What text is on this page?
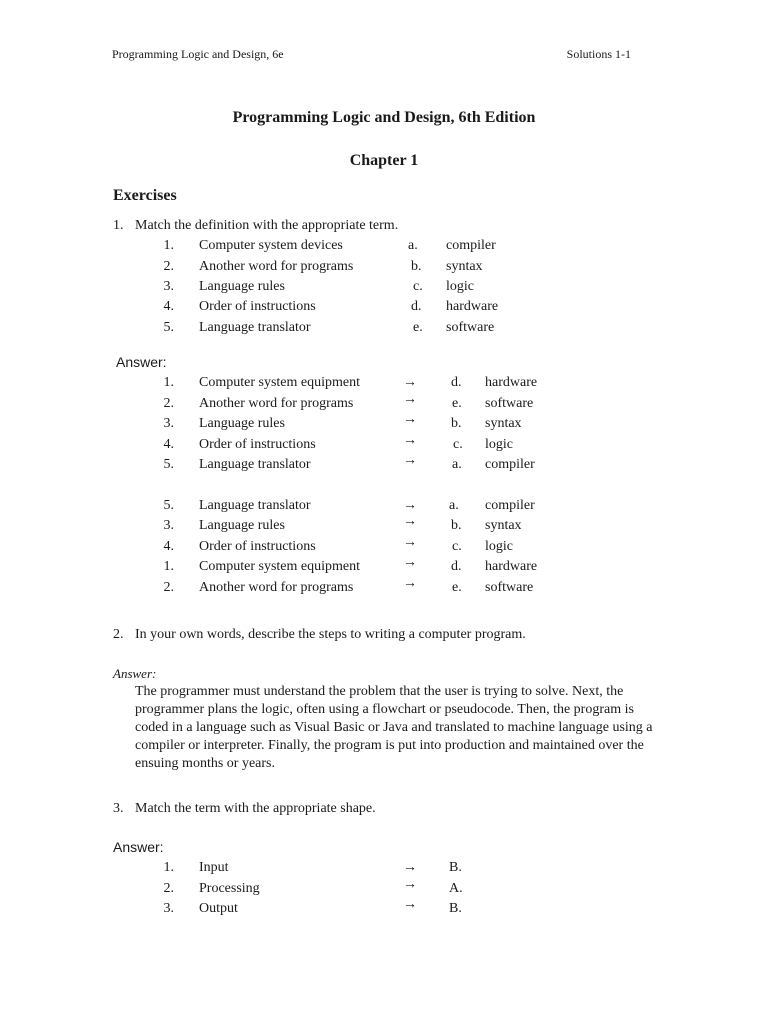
Programming Logic and Design, 6e	Solutions 1-1
Programming Logic and Design, 6th Edition
Chapter 1
Exercises
1. Match the definition with the appropriate term.
1. Computer system devices	a. compiler
2. Another word for programs	b. syntax
3. Language rules	c. logic
4. Order of instructions	d. hardware
5. Language translator	e. software
Answer:
1. Computer system equipment	→ d. hardware
2. Another word for programs	→	e. software
3. Language rules	→ b. syntax
4. Order of instructions	→	c. logic
5. Language translator	→	a. compiler
5. Language translator	→ a. compiler
3. Language rules	→ b. syntax
4. Order of instructions	→	c. logic
1. Computer system equipment	→ d. hardware
2. Another word for programs	→	e. software
2. In your own words, describe the steps to writing a computer program.
Answer:
The programmer must understand the problem that the user is trying to solve. Next, the programmer plans the logic, often using a flowchart or pseudocode. Then, the program is coded in a language such as Visual Basic or Java and translated to machine language using a compiler or interpreter. Finally, the program is put into production and maintained over the ensuing months or years.
3. Match the term with the appropriate shape.
Answer:
1. Input	→ B.
2. Processing	→ A.
3. Output	→ B.
